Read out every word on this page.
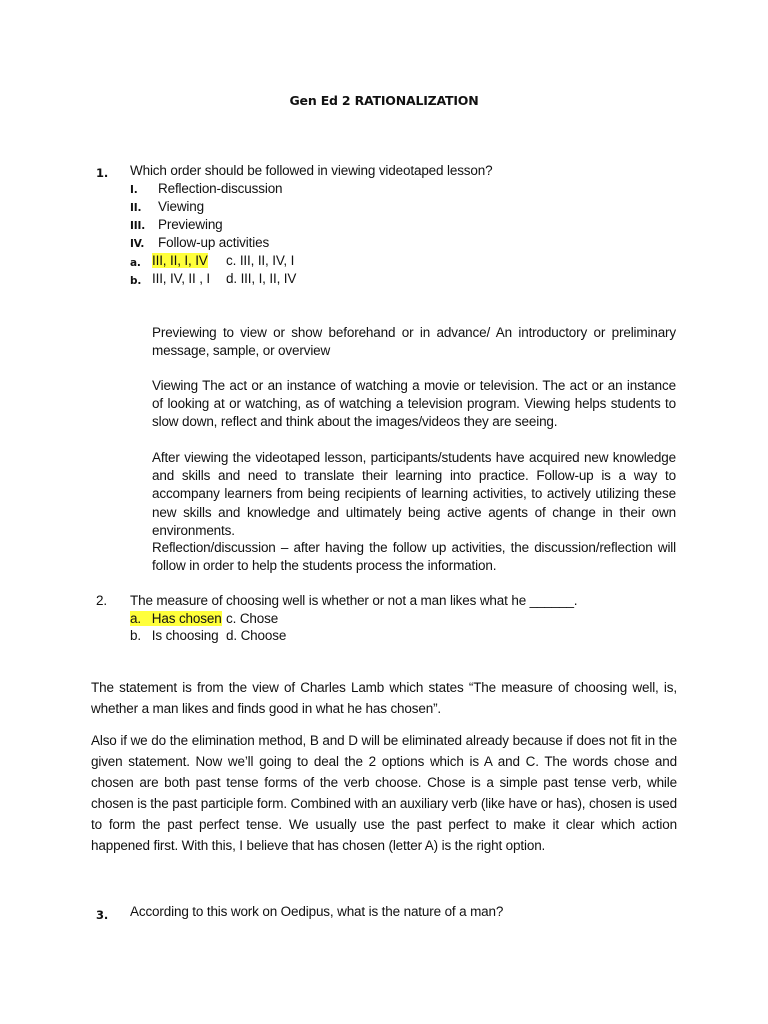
Gen Ed 2 RATIONALIZATION
1. Which order should be followed in viewing videotaped lesson?
I. Reflection-discussion
II. Viewing
III. Previewing
IV. Follow-up activities
a. III, II, I, IV c. III, II, IV, I
b. III, IV, II , I d. III, I, II, IV

Previewing to view or show beforehand or in advance/ An introductory or preliminary message, sample, or overview

Viewing The act or an instance of watching a movie or television. The act or an instance of looking at or watching, as of watching a television program. Viewing helps students to slow down, reflect and think about the images/videos they are seeing.

After viewing the videotaped lesson, participants/students have acquired new knowledge and skills and need to translate their learning into practice. Follow-up is a way to accompany learners from being recipients of learning activities, to actively utilizing these new skills and knowledge and ultimately being active agents of change in their own environments.

Reflection/discussion – after having the follow up activities, the discussion/reflection will follow in order to help the students process the information.

2. The measure of choosing well is whether or not a man likes what he ______.
a. Has chosen c. Chose
b. Is choosing d. Choose

The statement is from the view of Charles Lamb which states “The measure of choosing well, is, whether a man likes and finds good in what he has chosen”.

Also if we do the elimination method, B and D will be eliminated already because if does not fit in the given statement. Now we’ll going to deal the 2 options which is A and C. The words chose and chosen are both past tense forms of the verb choose. Chose is a simple past tense verb, while chosen is the past participle form. Combined with an auxiliary verb (like have or has), chosen is used to form the past perfect tense. We usually use the past perfect to make it clear which action happened first. With this, I believe that has chosen (letter A) is the right option.

3. According to this work on Oedipus, what is the nature of a man?
